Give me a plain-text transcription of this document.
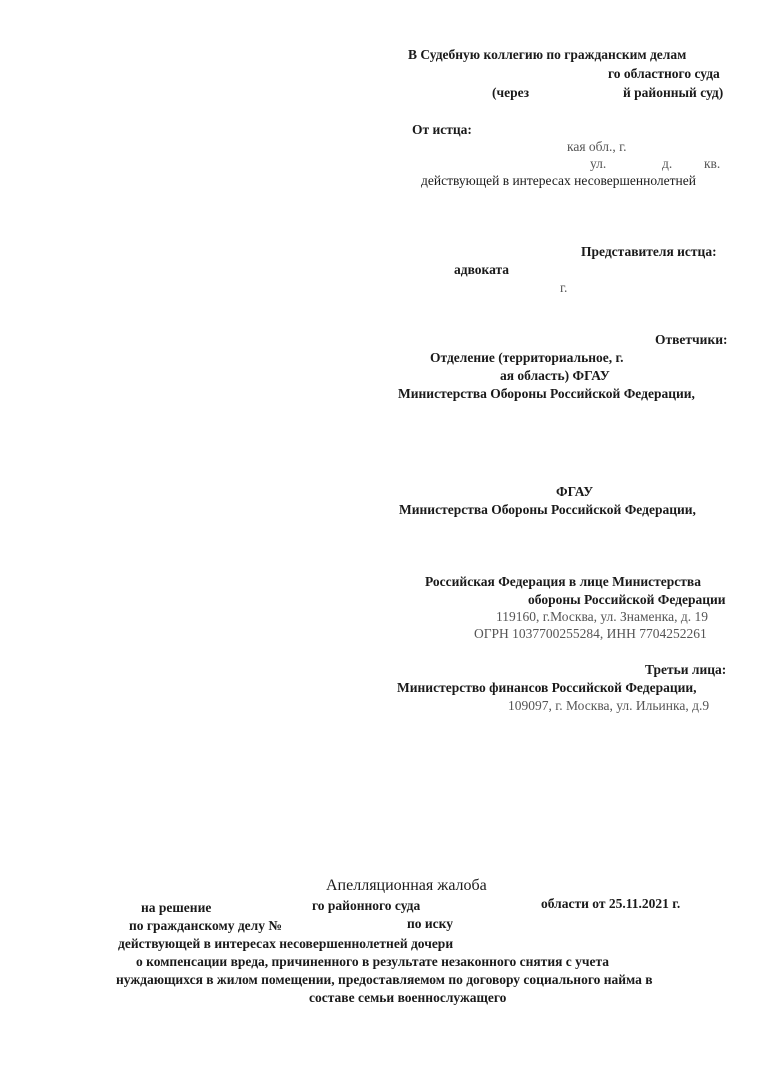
В Судебную коллегию по гражданским делам
го областного суда
(через	й районный суд)
От истца:
кая обл., г.
ул.	д. кв.
действующей в интересах несовершеннолетней
Представителя истца:
адвоката
г.
Ответчики:
Отделение (территориальное, г.
ая область) ФГАУ
Министерства Обороны Российской Федерации,
ФГАУ
Министерства Обороны Российской Федерации,
Российская Федерация в лице Министерства
обороны Российской Федерации
119160, г.Москва, ул. Знаменка, д. 19
ОГРН 1037700255284, ИНН 7704252261
Третьи лица:
Министерство финансов Российской Федерации,
109097, г. Москва, ул. Ильинка, д.9
Апелляционная жалоба
на решение	го районного суда	области от 25.11.2021 г.
по гражданскому делу №	по иску
действующей в интересах несовершеннолетней дочери
о компенсации вреда, причиненного в результате незаконного снятия с учета
нуждающихся в жилом помещении, предоставляемом по договору социального найма в
составе семьи военнослужащего
